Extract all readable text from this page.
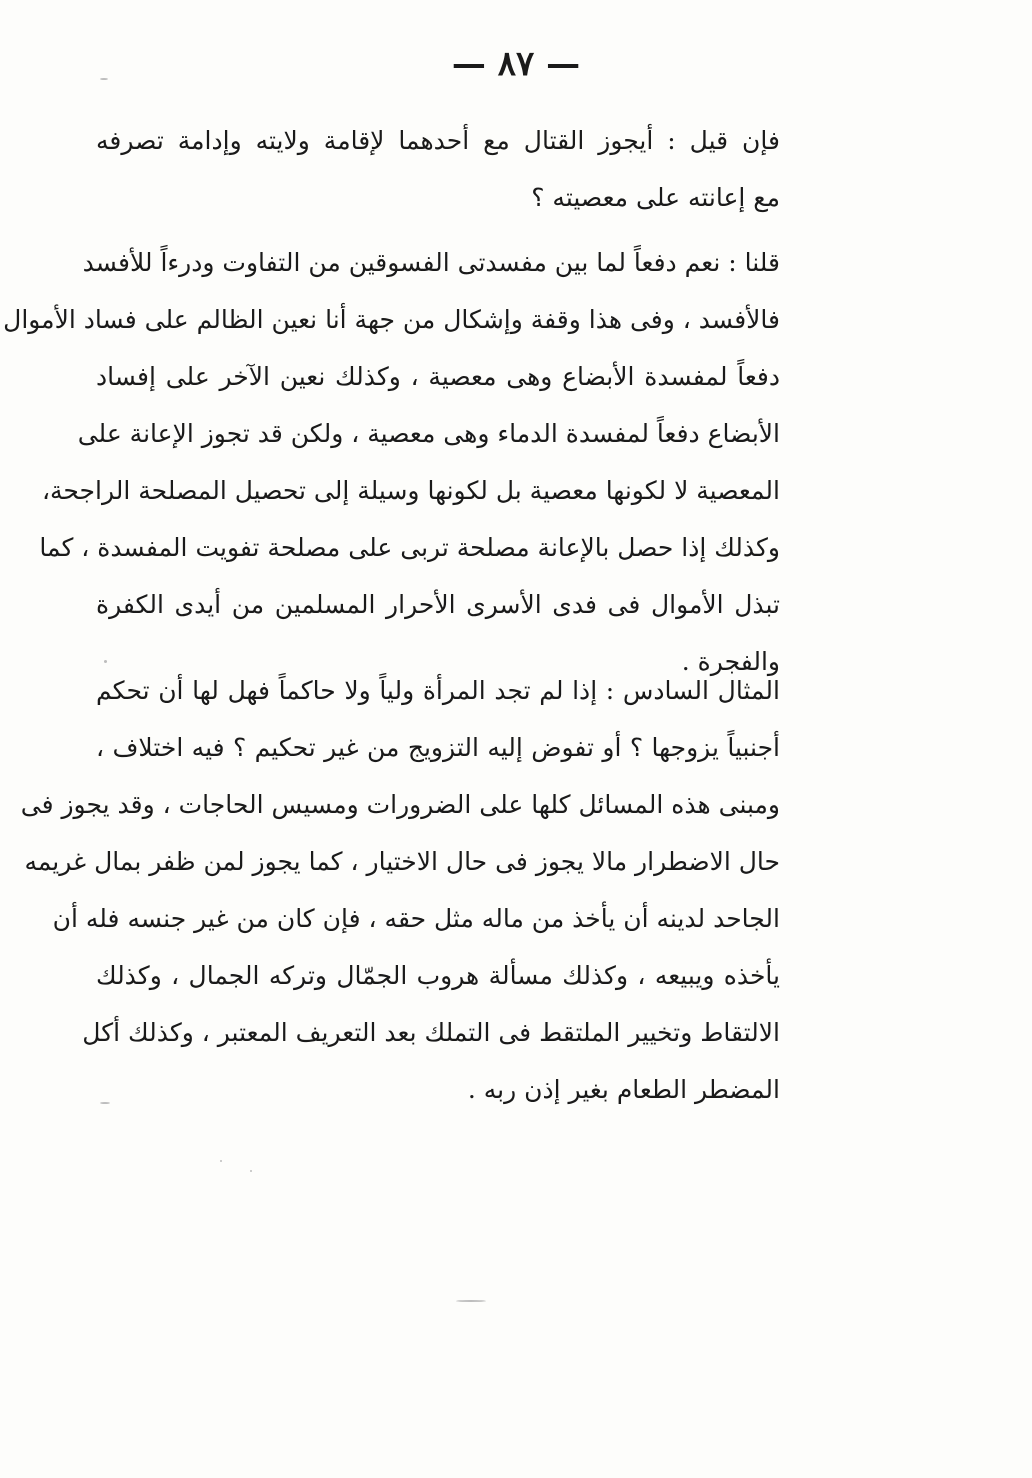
— ٨٧ —
فإن قيل : أيجوز القتال مع أحدهما لإقامة ولايته وإدامة تصرفه
مع إعانته على معصيته ؟
قلنا : نعم دفعاً لما بين مفسدتى الفسوقين من التفاوت ودرءاً للأفسد
فالأفسد ، وفى هذا وقفة وإشكال من جهة أنا نعين الظالم على فساد الأموال
دفعاً لمفسدة الأبضاع وهى معصية ، وكذلك نعين الآخر على إفساد
الأبضاع دفعاً لمفسدة الدماء وهى معصية ، ولكن قد تجوز الإعانة على
المعصية لا لكونها معصية بل لكونها وسيلة إلى تحصيل المصلحة الراجحة،
وكذلك إذا حصل بالإعانة مصلحة تربى على مصلحة تفويت المفسدة ، كما
تبذل الأموال فى فدى الأسرى الأحرار المسلمين من أيدى الكفرة
والفجرة .
المثال السادس : إذا لم تجد المرأة ولياً ولا حاكماً فهل لها أن تحكم
أجنبياً يزوجها ؟ أو تفوض إليه التزويج من غير تحكيم ؟ فيه اختلاف ،
ومبنى هذه المسائل كلها على الضرورات ومسيس الحاجات ، وقد يجوز فى
حال الاضطرار مالا يجوز فى حال الاختيار ، كما يجوز لمن ظفر بمال غريمه
الجاحد لدينه أن يأخذ من ماله مثل حقه ، فإن كان من غير جنسه فله أن
يأخذه ويبيعه ، وكذلك مسألة هروب الجمّال وتركه الجمال ، وكذلك
الالتقاط وتخيير الملتقط فى التملك بعد التعريف المعتبر ، وكذلك أكل
المضطر الطعام بغير إذن ربه .
